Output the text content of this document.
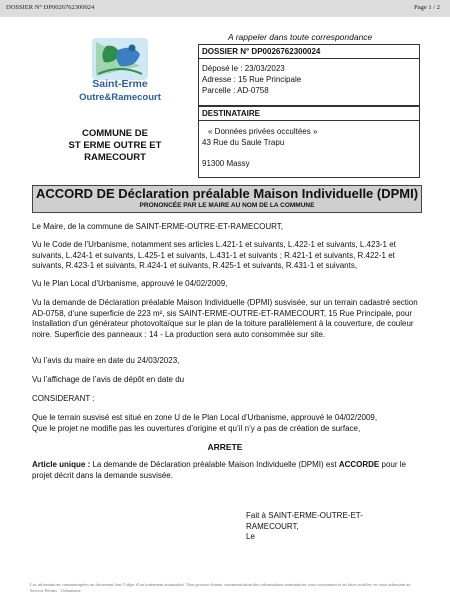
DOSSIER N° DP0026762300024	Page 1 / 2
Saint-Erme
Outre&Ramecourt
COMMUNE DE
ST ERME OUTRE ET
RAMECOURT
A rappeler dans toute correspondance
DOSSIER N° DP0026762300024
Déposé le : 23/03/2023
Adresse : 15 Rue Principale
Parcelle : AD-0758
DESTINATAIRE
« Données privées occultées »
43 Rue du Saule Trapu
91300 Massy
ACCORD DE Déclaration préalable Maison Individuelle (DPMI)
PRONONCÉE PAR LE MAIRE AU NOM DE LA COMMUNE
Le Maire, de la commune de SAINT-ERME-OUTRE-ET-RAMECOURT,
Vu le Code de l’Urbanisme, notamment ses articles L.421-1 et suivants, L.422-1 et suivants, L.423-1 et suivants, L.424-1 et suivants, L.425-1 et suivants, L.431-1 et suivants ; R.421-1 et suivants, R.422-1 et suivants, R.423-1 et suivants, R.424-1 et suivants, R.425-1 et suivants, R.431-1 et suivants,
Vu le Plan Local d’Urbanisme, approuvé le 04/02/2009,
Vu la demande de Déclaration préalable Maison Individuelle (DPMI) susvisée, sur un terrain cadastré section AD-0758, d’une superficie de 223 m², sis SAINT-ERME-OUTRE-ET-RAMECOURT, 15 Rue Principale, pour Installation d’un générateur photovoltaïque sur le plan de la toiture parallèlement à la couverture, de couleur noire. Superficie des panneaux : 14 - La production sera auto consommée sur site.
Vu l’avis du maire en date du 24/03/2023,
Vu l’affichage de l’avis de dépôt en date du
CONSIDERANT :
Que le terrain susvisé est situé en zone U de le Plan Local d’Urbanisme, approuvé le 04/02/2009,
Que le projet ne modifie pas les ouvertures d’origine et qu’il n’y a pas de création de surface,
ARRETE
Article unique : La demande de Déclaration préalable Maison Individuelle (DPMI) est ACCORDE pour le projet décrit dans la demande susvisée.
Fait à SAINT-ERME-OUTRE-ET-
RAMECOURT,
Le
Les informations communiquées au document font l’objet d’un traitement automatisé. Vous pouvez obtenir communication des informations nominatives vous concernant et en faire rectifier, en vous adressant au Service Permis - Urbanisme.
